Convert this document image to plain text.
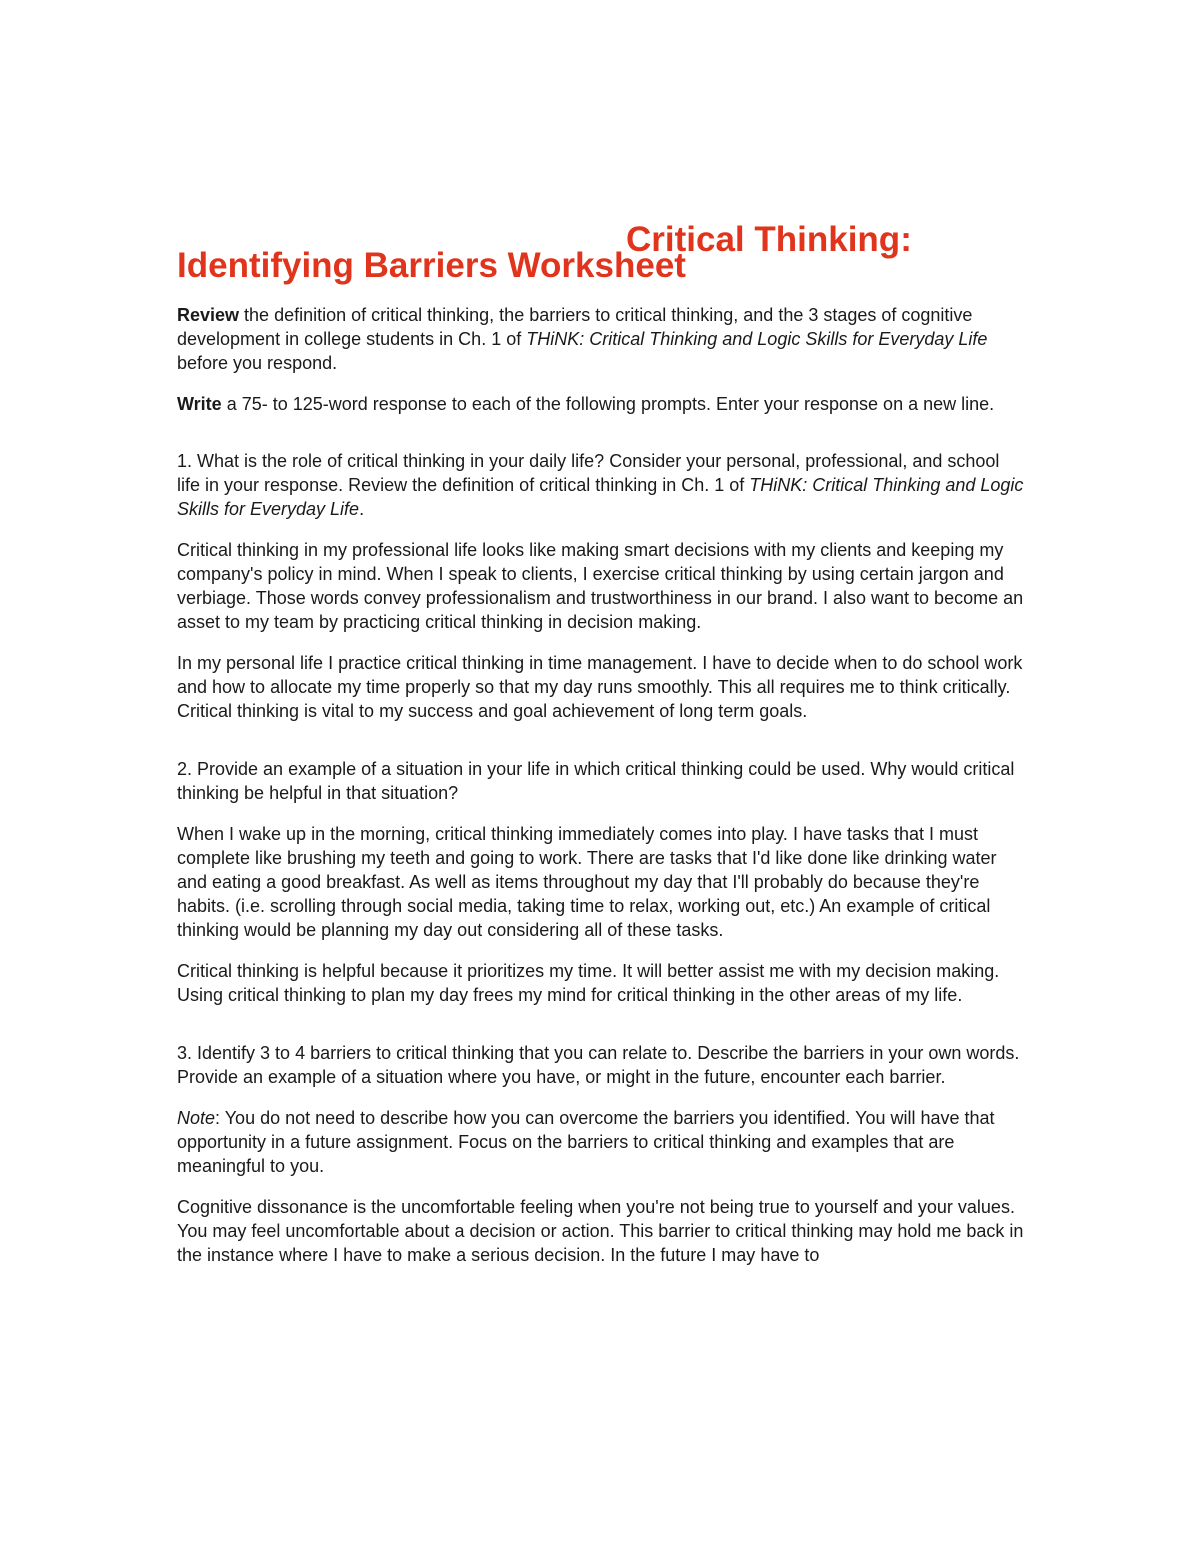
Critical Thinking:
Identifying Barriers Worksheet

Review the definition of critical thinking, the barriers to critical thinking, and the 3 stages of cognitive development in college students in Ch. 1 of THiNK: Critical Thinking and Logic Skills for Everyday Life before you respond.

Write a 75- to 125-word response to each of the following prompts. Enter your response on a new line.

1. What is the role of critical thinking in your daily life? Consider your personal, professional, and school life in your response. Review the definition of critical thinking in Ch. 1 of THiNK: Critical Thinking and Logic Skills for Everyday Life.

Critical thinking in my professional life looks like making smart decisions with my clients and keeping my company's policy in mind. When I speak to clients, I exercise critical thinking by using certain jargon and verbiage. Those words convey professionalism and trustworthiness in our brand. I also want to become an asset to my team by practicing critical thinking in decision making.

In my personal life I practice critical thinking in time management. I have to decide when to do school work and how to allocate my time properly so that my day runs smoothly. This all requires me to think critically. Critical thinking is vital to my success and goal achievement of long term goals.

2. Provide an example of a situation in your life in which critical thinking could be used. Why would critical thinking be helpful in that situation?

When I wake up in the morning, critical thinking immediately comes into play. I have tasks that I must complete like brushing my teeth and going to work. There are tasks that I'd like done like drinking water and eating a good breakfast. As well as items throughout my day that I'll probably do because they're habits. (i.e. scrolling through social media, taking time to relax, working out, etc.) An example of critical thinking would be planning my day out considering all of these tasks.

Critical thinking is helpful because it prioritizes my time. It will better assist me with my decision making. Using critical thinking to plan my day frees my mind for critical thinking in the other areas of my life.

3. Identify 3 to 4 barriers to critical thinking that you can relate to. Describe the barriers in your own words. Provide an example of a situation where you have, or might in the future, encounter each barrier.

Note: You do not need to describe how you can overcome the barriers you identified. You will have that opportunity in a future assignment. Focus on the barriers to critical thinking and examples that are meaningful to you.

Cognitive dissonance is the uncomfortable feeling when you're not being true to yourself and your values. You may feel uncomfortable about a decision or action. This barrier to critical thinking may hold me back in the instance where I have to make a serious decision. In the future I may have to
